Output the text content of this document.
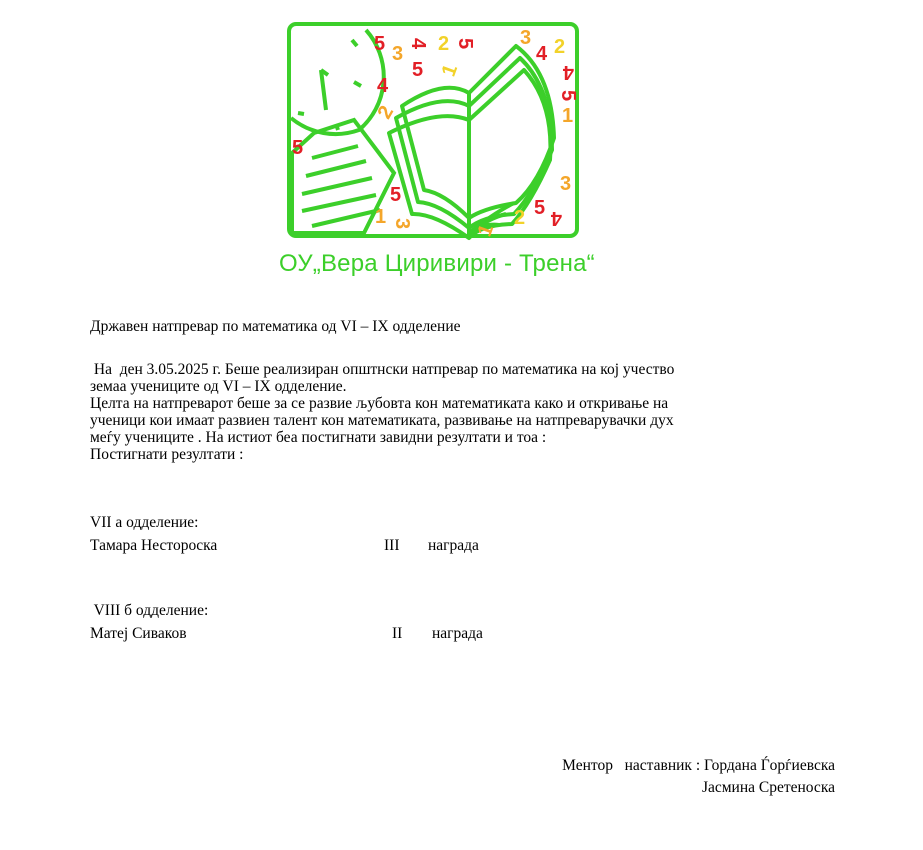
5 3 4 2 5 3
4 2
4
5
1
5
4
2
1
5
1 3
5	3
2
1
5 4
ОУ„Вера Циривири - Трена“
Државен натпревар по математика од VI – IX одделение
На  ден 3.05.2025 г. Беше реализиран општнски натпревар по математика на кој учество
земаа учениците од VI – IX одделение.
Целта на натпреварот беше за се развие љубовта кон математиката како и откривање на
ученици кои имаат развиен талент кон математиката, развивање на натпреварувачки дух
меѓу учениците . На истиот беа постигнати завидни резултати и тоа :
Постигнати резултати :
VII а одделение:
Тамара Несторoска	III награда
VIII б одделение:
Матеј Сиваков	II награда
Ментор   наставник : Гордана Ѓорѓиевска
Јасмина Сретеноска
